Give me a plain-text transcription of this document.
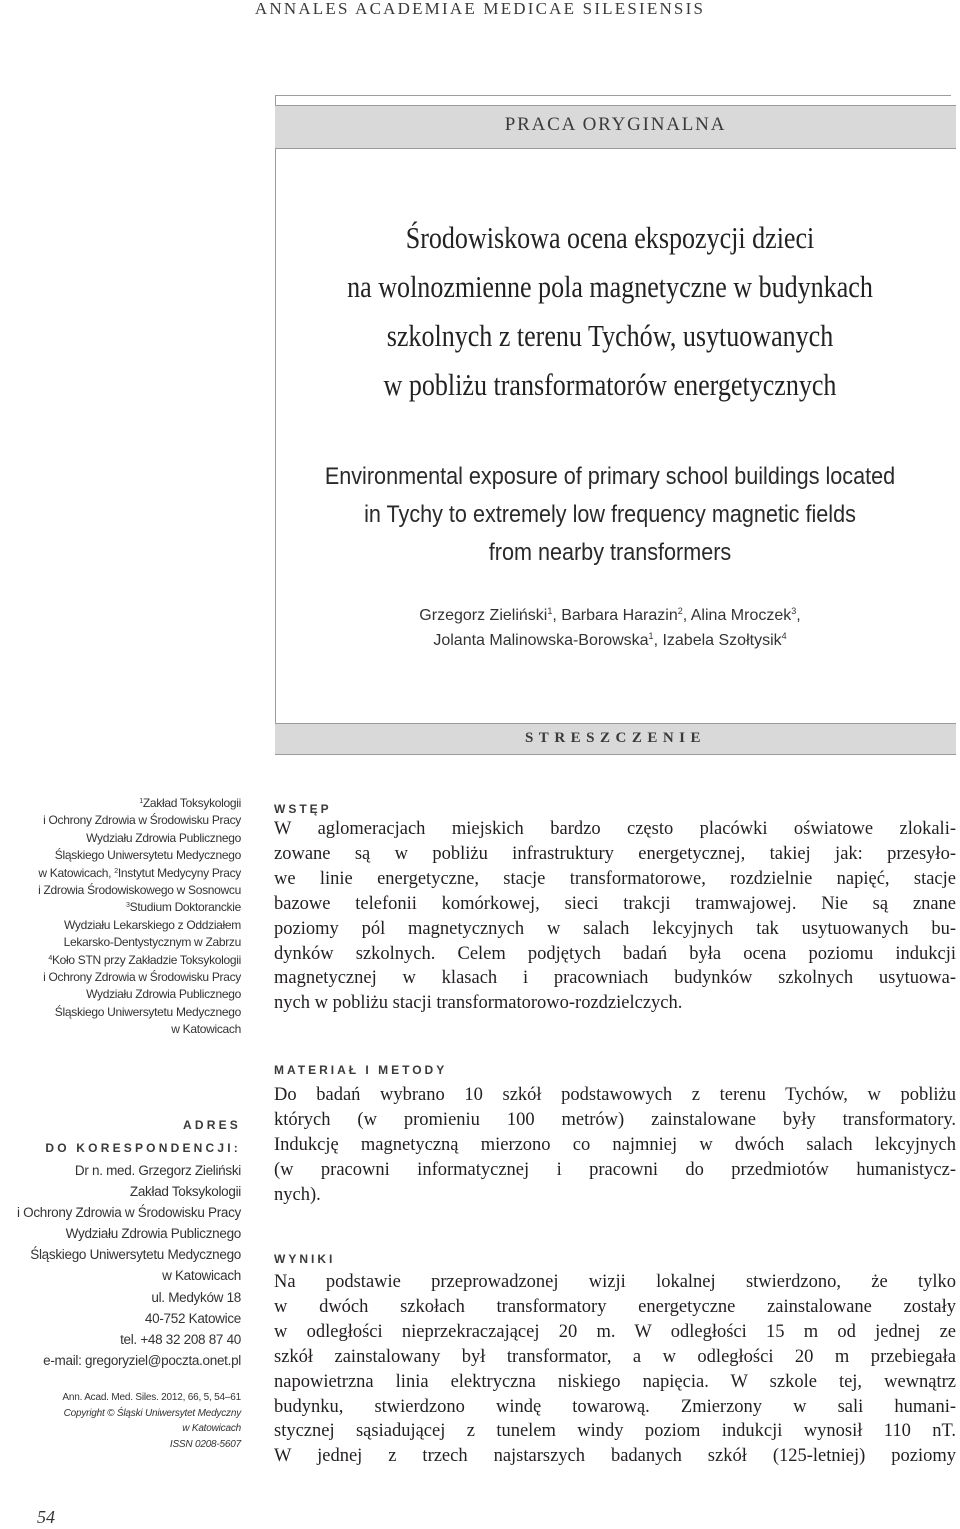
ANNALES ACADEMIAE MEDICAE SILESIENSIS
PRACA ORYGINALNA
Środowiskowa ocena ekspozycji dzieci
na wolnozmienne pola magnetyczne w budynkach
szkolnych z terenu Tychów, usytuowanych
w pobliżu transformatorów energetycznych
Environmental exposure of primary school buildings located
in Tychy to extremely low frequency magnetic fields
from nearby transformers
Grzegorz Zieliński$^1$, Barbara Harazin$^2$, Alina Mroczek$^3$,
Jolanta Malinowska-Borowska$^1$, Izabela Szołtysik$^4$
STRESZCZENIE
$^1$Zakład Toksykologii
i Ochrony Zdrowia w Środowisku Pracy
Wydziału Zdrowia Publicznego
Śląskiego Uniwersytetu Medycznego
w Katowicach, $^2$Instytut Medycyny Pracy
i Zdrowia Środowiskowego w Sosnowcu
$^3$Studium Doktoranckie
Wydziału Lekarskiego z Oddziałem
Lekarsko-Dentystycznym w Zabrzu
$^4$Koło STN przy Zakładzie Toksykologii
i Ochrony Zdrowia w Środowisku Pracy
Wydziału Zdrowia Publicznego
Śląskiego Uniwersytetu Medycznego
w Katowicach
ADRES
DO KORESPONDENCJI:
Dr n. med. Grzegorz Zieliński
Zakład Toksykologii
i Ochrony Zdrowia w Środowisku Pracy
Wydziału Zdrowia Publicznego
Śląskiego Uniwersytetu Medycznego
w Katowicach
ul. Medyków 18
40-752 Katowice
tel. +48 32 208 87 40
e-mail: gregoryziel@poczta.onet.pl
Ann. Acad. Med. Siles. 2012, 66, 5, 54–61
Copyright © Śląski Uniwersytet Medyczny
w Katowicach
ISSN 0208-5607
54
WSTĘP
W aglomeracjach miejskich bardzo często placówki oświatowe zlokali-
zowane są w pobliżu infrastruktury energetycznej, takiej jak: przesyło-
we linie energetyczne, stacje transformatorowe, rozdzielnie napięć, stacje
bazowe telefonii komórkowej, sieci trakcji tramwajowej. Nie są znane
poziomy pól magnetycznych w salach lekcyjnych tak usytuowanych bu-
dynków szkolnych. Celem podjętych badań była ocena poziomu indukcji
magnetycznej w klasach i pracowniach budynków szkolnych usytuowa-
nych w pobliżu stacji transformatorowo-rozdzielczych.
MATERIAŁ I METODY
Do badań wybrano 10 szkół podstawowych z terenu Tychów, w pobliżu
których (w promieniu 100 metrów) zainstalowane były transformatory.
Indukcję magnetyczną mierzono co najmniej w dwóch salach lekcyjnych
(w pracowni informatycznej i pracowni do przedmiotów humanistycz-
nych).
WYNIKI
Na podstawie przeprowadzonej wizji lokalnej stwierdzono, że tylko
w dwóch szkołach transformatory energetyczne zainstalowane zostały
w odległości nieprzekraczającej 20 m. W odległości 15 m od jednej ze
szkół zainstalowany był transformator, a w odległości 20 m przebiegała
napowietrzna linia elektryczna niskiego napięcia. W szkole tej, wewnątrz
budynku, stwierdzono windę towarową. Zmierzony w sali humani-
stycznej sąsiadującej z tunelem windy poziom indukcji wynosił 110 nT.
W jednej z trzech najstarszych badanych szkół (125-letniej) poziomy
